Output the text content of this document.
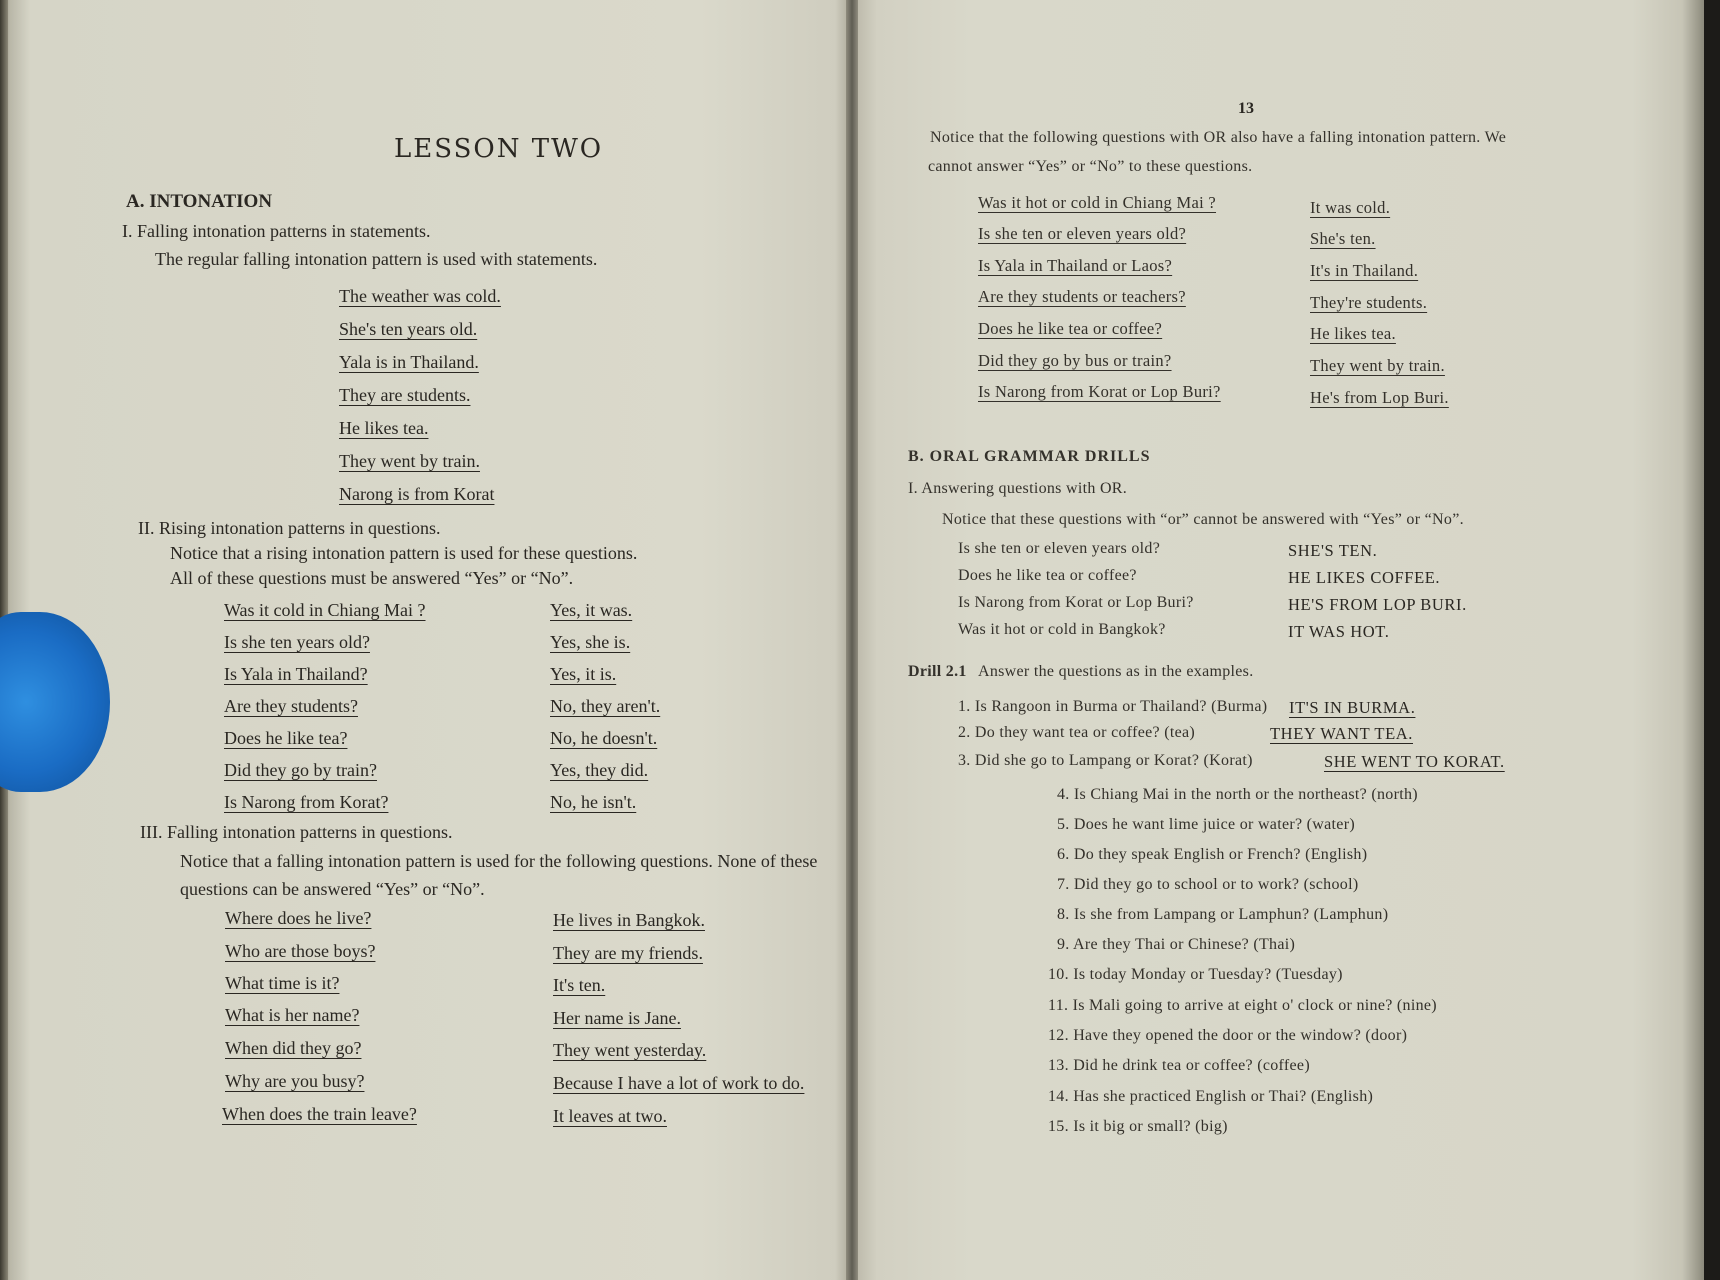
LESSON TWO
A. INTONATION
I. Falling intonation patterns in statements.
The regular falling intonation pattern is used with statements.
The weather was cold.
She's ten years old.
Yala is in Thailand.
They are students.
He likes tea.
They went by train.
Narong is from Korat
II. Rising intonation patterns in questions.
Notice that a rising intonation pattern is used for these questions.
All of these questions must be answered “Yes” or “No”.
Was it cold in Chiang Mai ?
Is she ten years old?
Is Yala in Thailand?
Are they students?
Does he like tea?
Did they go by train?
Is Narong from Korat?
Yes, it was.
Yes, she is.
Yes, it is.
No, they aren't.
No, he doesn't.
Yes, they did.
No, he isn't.
III. Falling intonation patterns in questions.
Notice that a falling intonation pattern is used for the following questions. None of these
questions can be answered “Yes” or “No”.
Where does he live?
Who are those boys?
What time is it?
What is her name?
When did they go?
Why are you busy?
When does the train leave?
He lives in Bangkok.
They are my friends.
It's ten.
Her name is Jane.
They went yesterday.
Because I have a lot of work to do.
It leaves at two.
13
Notice that the following questions with OR also have a falling intonation pattern. We
cannot answer “Yes” or “No” to these questions.
Was it hot or cold in Chiang Mai ?
Is she ten or eleven years old?
Is Yala in Thailand or Laos?
Are they students or teachers?
Does he like tea or coffee?
Did they go by bus or train?
Is Narong from Korat or Lop Buri?
It was cold.
She's ten.
It's in Thailand.
They're students.
He likes tea.
They went by train.
He's from Lop Buri.
B. ORAL GRAMMAR DRILLS
I. Answering questions with OR.
Notice that these questions with “or” cannot be answered with “Yes” or “No”.
Is she ten or eleven years old?
Does he like tea or coffee?
Is Narong from Korat or Lop Buri?
Was it hot or cold in Bangkok?
SHE'S TEN.
HE LIKES COFFEE.
HE'S FROM LOP BURI.
IT WAS HOT.
Drill 2.1 Answer the questions as in the examples.
1. Is Rangoon in Burma or Thailand? (Burma) IT'S IN BURMA.
2. Do they want tea or coffee? (tea)	THEY WANT TEA.
3. Did she go to Lampang or Korat? (Korat)	SHE WENT TO KORAT.
4. Is Chiang Mai in the north or the northeast? (north)
5. Does he want lime juice or water? (water)
6. Do they speak English or French? (English)
7. Did they go to school or to work? (school)
8. Is she from Lampang or Lamphun? (Lamphun)
9. Are they Thai or Chinese? (Thai)
10. Is today Monday or Tuesday? (Tuesday)
11. Is Mali going to arrive at eight o' clock or nine? (nine)
12. Have they opened the door or the window? (door)
13. Did he drink tea or coffee? (coffee)
14. Has she practiced English or Thai? (English)
15. Is it big or small? (big)
